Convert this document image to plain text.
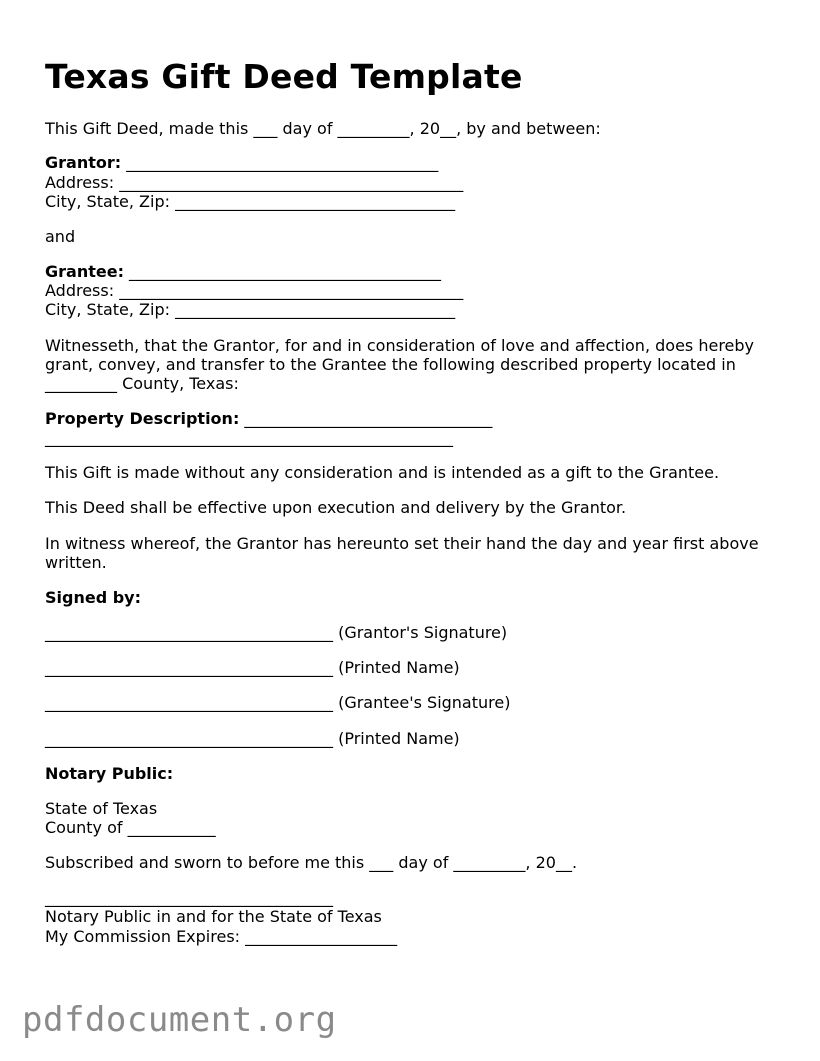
Texas Gift Deed Template
This Gift Deed, made this ___ day of _________, 20__, by and between:
Grantor: _______________________________________
Address: ___________________________________________
City, State, Zip: ___________________________________
and
Grantee: _______________________________________
Address: ___________________________________________
City, State, Zip: ___________________________________
Witnesseth, that the Grantor, for and in consideration of love and affection, does hereby
grant, convey, and transfer to the Grantee the following described property located in
_________ County, Texas:
Property Description: _______________________________
___________________________________________________
This Gift is made without any consideration and is intended as a gift to the Grantee.
This Deed shall be effective upon execution and delivery by the Grantor.
In witness whereof, the Grantor has hereunto set their hand the day and year first above
written.
Signed by:
____________________________________ (Grantor's Signature)
____________________________________ (Printed Name)
____________________________________ (Grantee's Signature)
____________________________________ (Printed Name)
Notary Public:
State of Texas
County of ___________
Subscribed and sworn to before me this ___ day of _________, 20__.
____________________________________
Notary Public in and for the State of Texas
My Commission Expires: ___________________
pdfdocument.org
